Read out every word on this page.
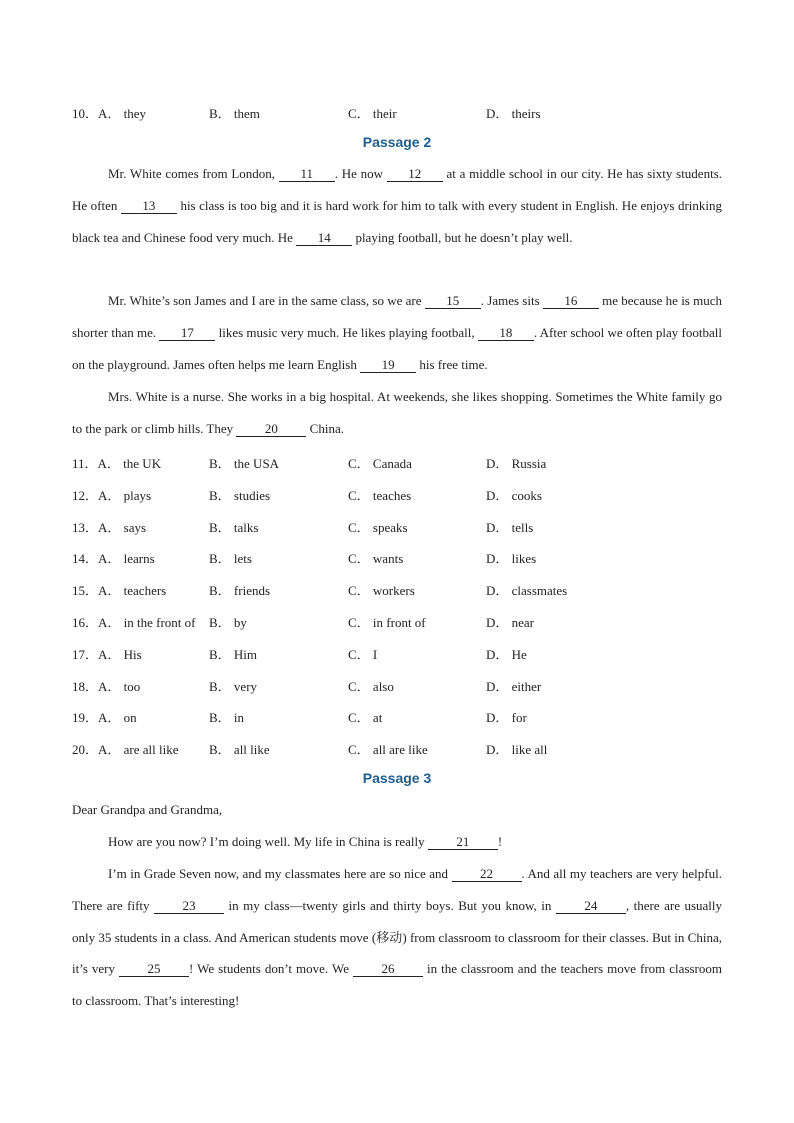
10．A． they	B． them	C． their	D． theirs
Passage 2

Mr. White comes from London, 11 . He now 12 at a middle school in our city. He has sixty students. He often 13 his class is too big and it is hard work for him to talk with every student in English. He enjoys drinking black tea and Chinese food very much. He 14 playing football, but he doesn’t play well.

Mr. White’s son James and I are in the same class, so we are 15 . James sits 16 me because he is much shorter than me. 17 likes music very much. He likes playing football, 18 . After school we often play football on the playground. James often helps me learn English 19 his free time.

Mrs. White is a nurse. She works in a big hospital. At weekends, she likes shopping. Sometimes the White family go to the park or climb hills. They 20 China.

11．A． the UK	B． the USA	C． Canada	D． Russia
12．A． plays	B． studies	C． teaches	D． cooks
13．A． says	B． talks	C． speaks	D． tells
14．A． learns	B． lets	C． wants	D． likes
15．A． teachers	B． friends	C． workers	D． classmates
16．A． in the front of B． by	C． in front of	D． near
17．A． His	B． Him	C． I	D． He
18．A． too	B． very	C． also	D． either
19．A． on	B． in	C． at	D． for
20．A． are all like B． all like	C． all are like	D． like all
Passage 3
Dear Grandpa and Grandma,

How are you now? I’m doing well. My life in China is really 21 !

I’m in Grade Seven now, and my classmates here are so nice and 22 . And all my teachers are very helpful. There are fifty 23 in my class—twenty girls and thirty boys. But you know, in 24 , there are usually only 35 students in a class. And American students move (移动) from classroom to classroom for their classes. But in China, it’s very 25 ! We students don’t move. We 26 in the classroom and the teachers move from classroom to classroom. That’s interesting!
